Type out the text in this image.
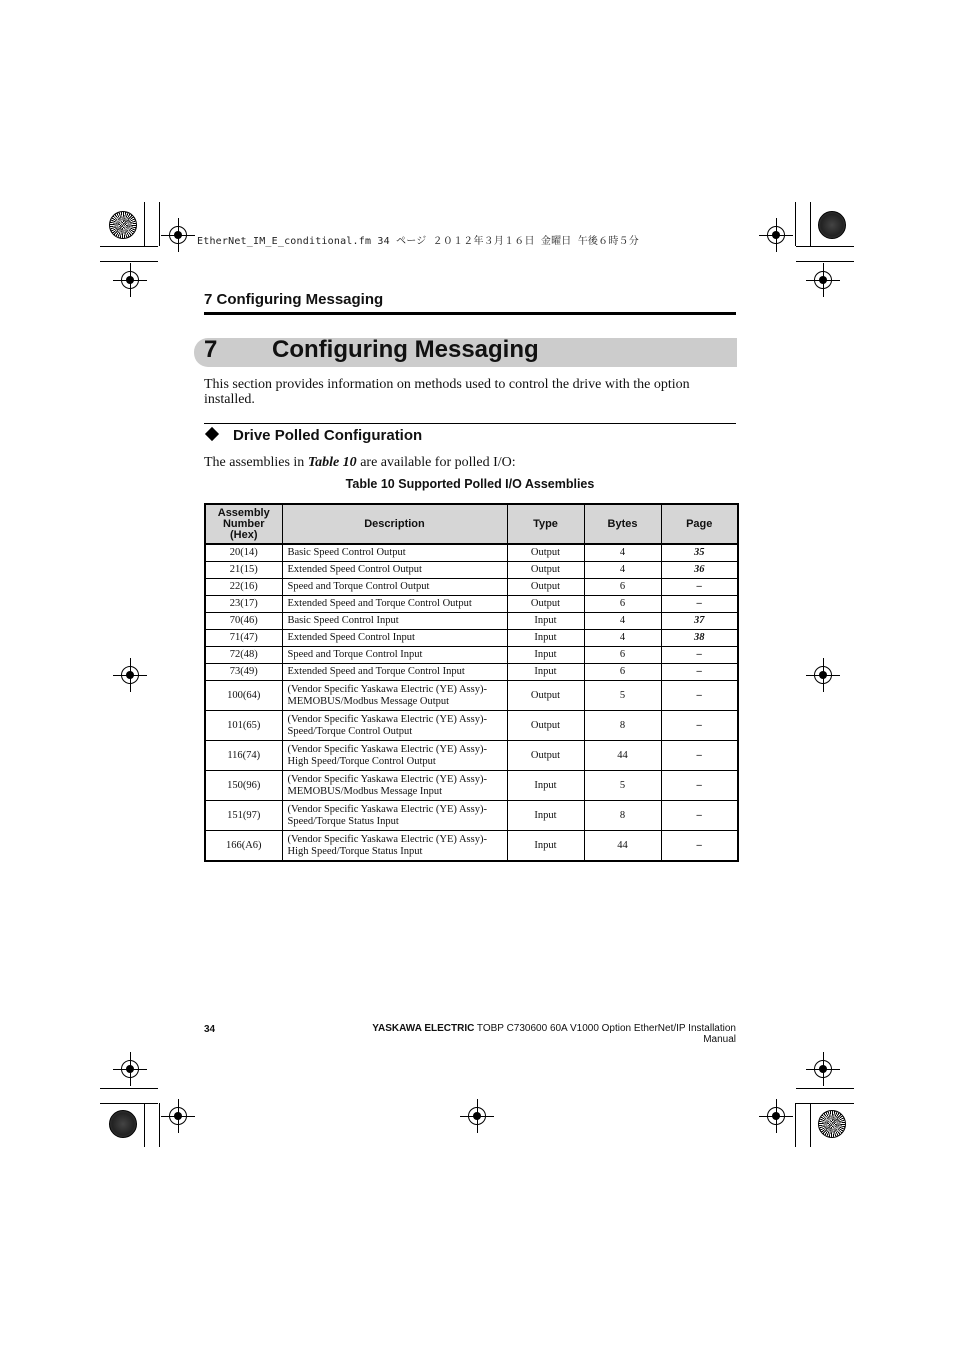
EtherNet_IM_E_conditional.fm 34 ページ ２０１２年３月１６日 金曜日 午後６時５分
7 Configuring Messaging
7 Configuring Messaging
This section provides information on methods used to control the drive with the option installed.
Drive Polled Configuration
The assemblies in Table 10 are available for polled I/O:
Table 10 Supported Polled I/O Assemblies
Assembly Number (Hex)	Description	Type	Bytes	Page
20(14)	Basic Speed Control Output	Output	4	35
21(15)	Extended Speed Control Output	Output	4	36
22(16)	Speed and Torque Control Output	Output	6	–
23(17)	Extended Speed and Torque Control Output	Output	6	–
70(46)	Basic Speed Control Input	Input	4	37
71(47)	Extended Speed Control Input	Input	4	38
72(48)	Speed and Torque Control Input	Input	6	–
73(49)	Extended Speed and Torque Control Input	Input	6	–
100(64)	(Vendor Specific Yaskawa Electric (YE) Assy)-MEMOBUS/Modbus Message Output	Output	5	–
101(65)	(Vendor Specific Yaskawa Electric (YE) Assy)-Speed/Torque Control Output	Output	8	–
116(74)	(Vendor Specific Yaskawa Electric (YE) Assy)-High Speed/Torque Control Output	Output	44	–
150(96)	(Vendor Specific Yaskawa Electric (YE) Assy)-MEMOBUS/Modbus Message Input	Input	5	–
151(97)	(Vendor Specific Yaskawa Electric (YE) Assy)-Speed/Torque Status Input	Input	8	–
166(A6)	(Vendor Specific Yaskawa Electric (YE) Assy)-High Speed/Torque Status Input	Input	44	–
34	YASKAWA ELECTRIC TOBP C730600 60A V1000 Option EtherNet/IP Installation Manual
